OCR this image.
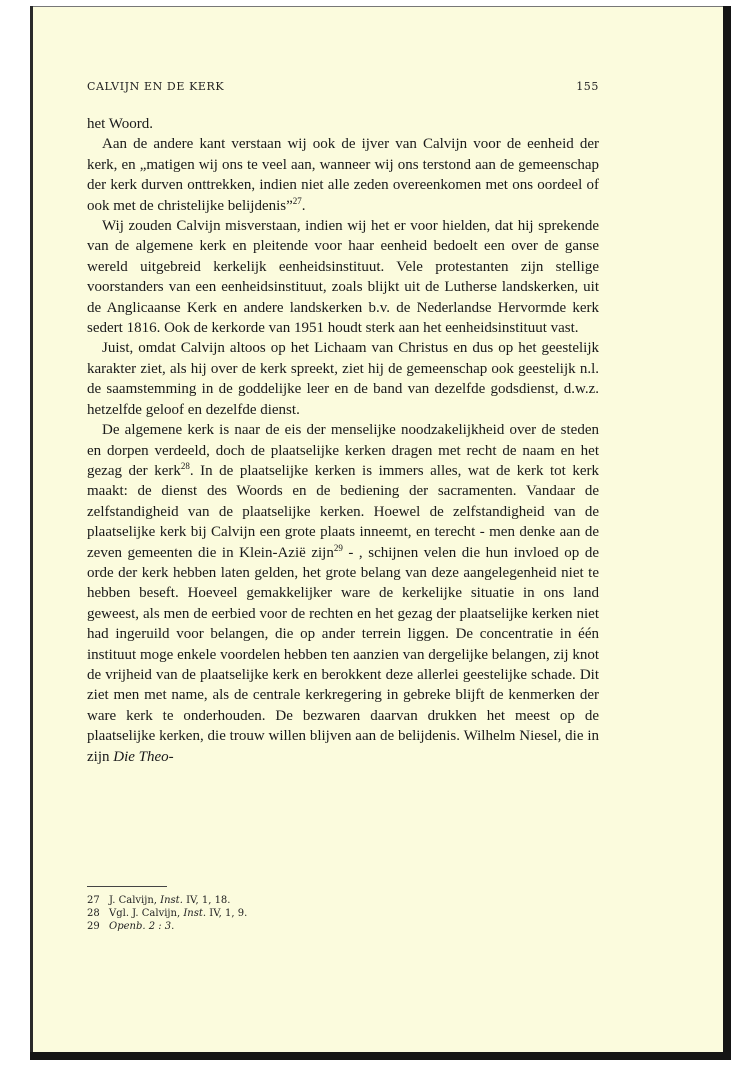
CALVIJN EN DE KERK	155

het Woord.

Aan de andere kant verstaan wij ook de ijver van Calvijn voor de eenheid der kerk, en „matigen wij ons te veel aan, wanneer wij ons terstond aan de gemeenschap der kerk durven onttrekken, indien niet alle zeden overeenkomen met ons oordeel of ook met de christelijke belijdenis”$^{27}$.

Wij zouden Calvijn misverstaan, indien wij het er voor hielden, dat hij sprekende van de algemene kerk en pleitende voor haar eenheid bedoelt een over de ganse wereld uitgebreid kerkelijk eenheidsinstituut. Vele protestanten zijn stellige voorstanders van een eenheidsinstituut, zoals blijkt uit de Lutherse landskerken, uit de Anglicaanse Kerk en andere landskerken b.v. de Nederlandse Hervormde kerk sedert 1816. Ook de kerkorde van 1951 houdt sterk aan het eenheidsinstituut vast.

Juist, omdat Calvijn altoos op het Lichaam van Christus en dus op het geestelijk karakter ziet, als hij over de kerk spreekt, ziet hij de gemeenschap ook geestelijk n.l. de saamstemming in de goddelijke leer en de band van dezelfde godsdienst, d.w.z. hetzelfde geloof en dezelfde dienst.

De algemene kerk is naar de eis der menselijke noodzakelijkheid over de steden en dorpen verdeeld, doch de plaatselijke kerken dragen met recht de naam en het gezag der kerk$^{28}$. In de plaatselijke kerken is immers alles, wat de kerk tot kerk maakt: de dienst des Woords en de bediening der sacramenten. Vandaar de zelfstandigheid van de plaatselijke kerken. Hoewel de zelfstandigheid van de plaatselijke kerk bij Calvijn een grote plaats inneemt, en terecht - men denke aan de zeven gemeenten die in Klein-Azië zijn$^{29}$ - , schijnen velen die hun invloed op de orde der kerk hebben laten gelden, het grote belang van deze aangelegenheid niet te hebben beseft. Hoeveel gemakkelijker ware de kerkelijke situatie in ons land geweest, als men de eerbied voor de rechten en het gezag der plaatselijke kerken niet had ingeruild voor belangen, die op ander terrein liggen. De concentratie in één instituut moge enkele voordelen hebben ten aanzien van dergelijke belangen, zij knot de vrijheid van de plaatselijke kerk en berokkent deze allerlei geestelijke schade. Dit ziet men met name, als de centrale kerkregering in gebreke blijft de kenmerken der ware kerk te onderhouden. De bezwaren daarvan drukken het meest op de plaatselijke kerken, die trouw willen blijven aan de belijdenis. Wilhelm Niesel, die in zijn Die Theo-

27 J. Calvijn, Inst. IV, 1, 18.
28 Vgl. J. Calvijn, Inst. IV, 1, 9.
29 Openb. 2 : 3.
